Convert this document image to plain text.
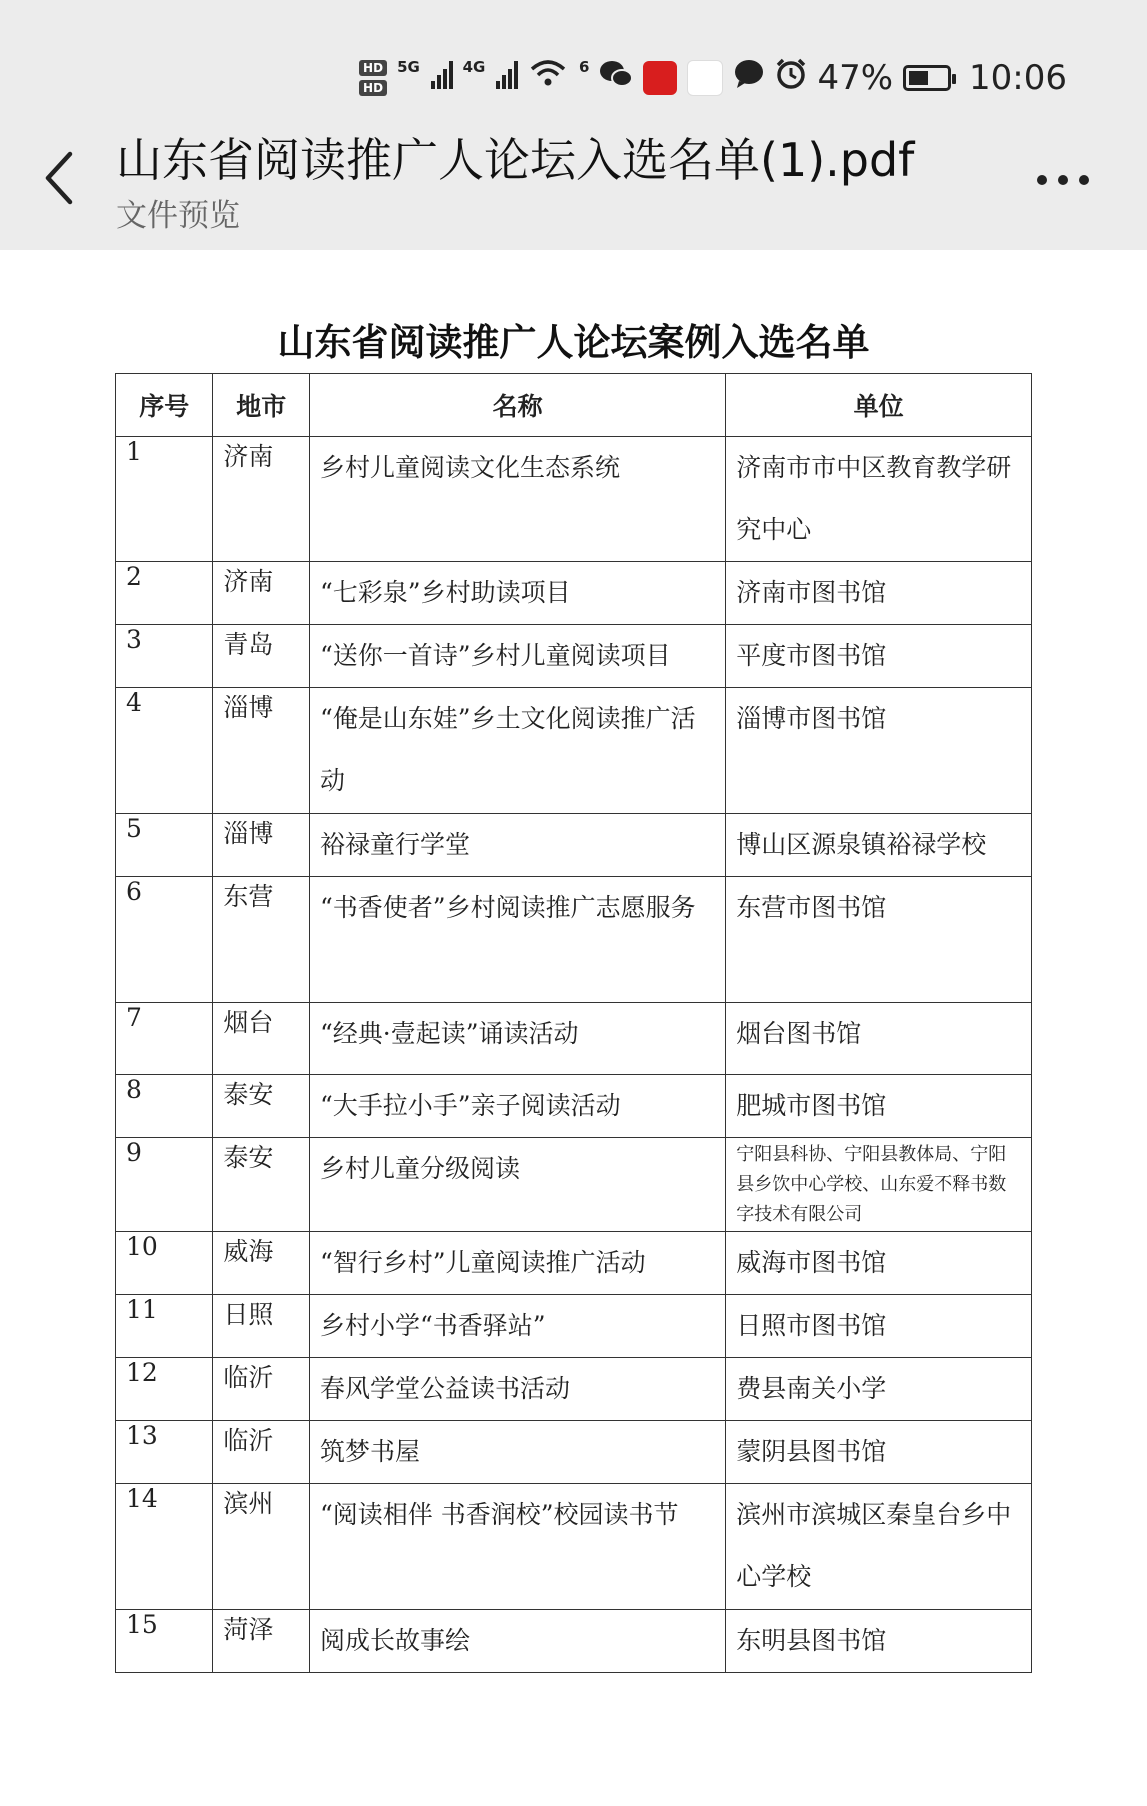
HD
HD
$^{5G}$	$^{4G}$	$^6$	47% 10:06
山东省阅读推广人论坛入选名单(1).pdf
文件预览
山东省阅读推广人论坛案例入选名单
序号	地市	名称	单位
1	济南	乡村儿童阅读文化生态系统	济南市市中区教育教学研究中心
2	济南	“七彩泉”乡村助读项目	济南市图书馆
3	青岛	“送你一首诗”乡村儿童阅读项目	平度市图书馆
4	淄博	“俺是山东娃”乡土文化阅读推广活动	淄博市图书馆
5	淄博	裕禄童行学堂	博山区源泉镇裕禄学校
6	东营	“书香使者”乡村阅读推广志愿服务	东营市图书馆
7	烟台	“经典·壹起读”诵读活动	烟台图书馆
8	泰安	“大手拉小手”亲子阅读活动	肥城市图书馆
9	泰安	乡村儿童分级阅读	宁阳县科协、宁阳县教体局、宁阳县乡饮中心学校、山东爱不释书数字技术有限公司
10	威海	“智行乡村”儿童阅读推广活动	威海市图书馆
11	日照	乡村小学“书香驿站”	日照市图书馆
12	临沂	春风学堂公益读书活动	费县南关小学
13	临沂	筑梦书屋	蒙阴县图书馆
14	滨州	“阅读相伴 书香润校”校园读书节	滨州市滨城区秦皇台乡中心学校
15	菏泽	阅成长故事绘	东明县图书馆
